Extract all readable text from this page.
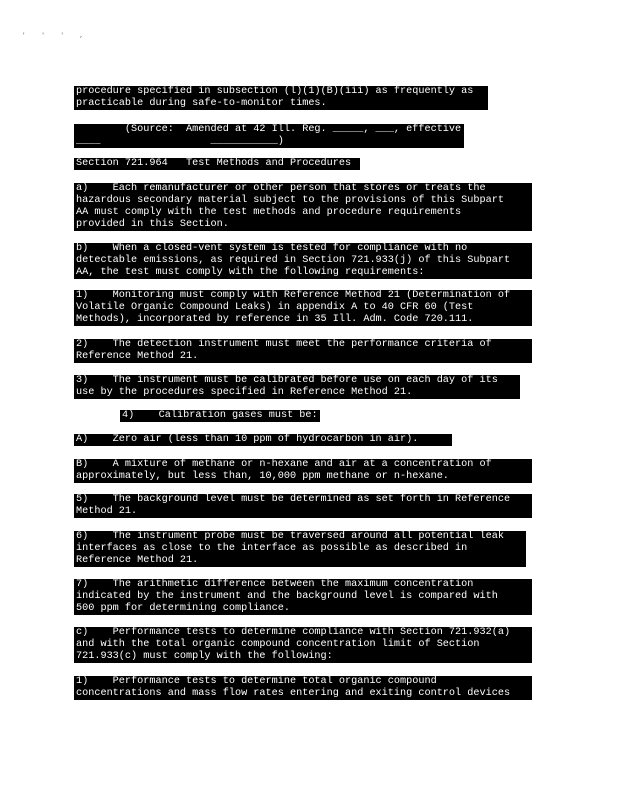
' ' ' ,

procedure specified in subsection (l)(1)(B)(iii) as frequently as
practicable during safe-to-monitor times.

(Source:  Amended at 42 Ill. Reg. _____, ___, effective
____                  ___________)

Section 721.964   Test Methods and Procedures

a)    Each remanufacturer or other person that stores or treats the
hazardous secondary material subject to the provisions of this Subpart
AA must comply with the test methods and procedure requirements
provided in this Section.

b)    When a closed-vent system is tested for compliance with no
detectable emissions, as required in Section 721.933(j) of this Subpart
AA, the test must comply with the following requirements:

1)    Monitoring must comply with Reference Method 21 (Determination of
Volatile Organic Compound Leaks) in appendix A to 40 CFR 60 (Test
Methods), incorporated by reference in 35 Ill. Adm. Code 720.111.

2)    The detection instrument must meet the performance criteria of
Reference Method 21.

3)    The instrument must be calibrated before use on each day of its
use by the procedures specified in Reference Method 21.

4)    Calibration gases must be:

A)    Zero air (less than 10 ppm of hydrocarbon in air).

B)    A mixture of methane or n-hexane and air at a concentration of
approximately, but less than, 10,000 ppm methane or n-hexane.

5)    The background level must be determined as set forth in Reference
Method 21.

6)    The instrument probe must be traversed around all potential leak
interfaces as close to the interface as possible as described in
Reference Method 21.

7)    The arithmetic difference between the maximum concentration
indicated by the instrument and the background level is compared with
500 ppm for determining compliance.

c)    Performance tests to determine compliance with Section 721.932(a)
and with the total organic compound concentration limit of Section
721.933(c) must comply with the following:

1)    Performance tests to determine total organic compound
concentrations and mass flow rates entering and exiting control devices
